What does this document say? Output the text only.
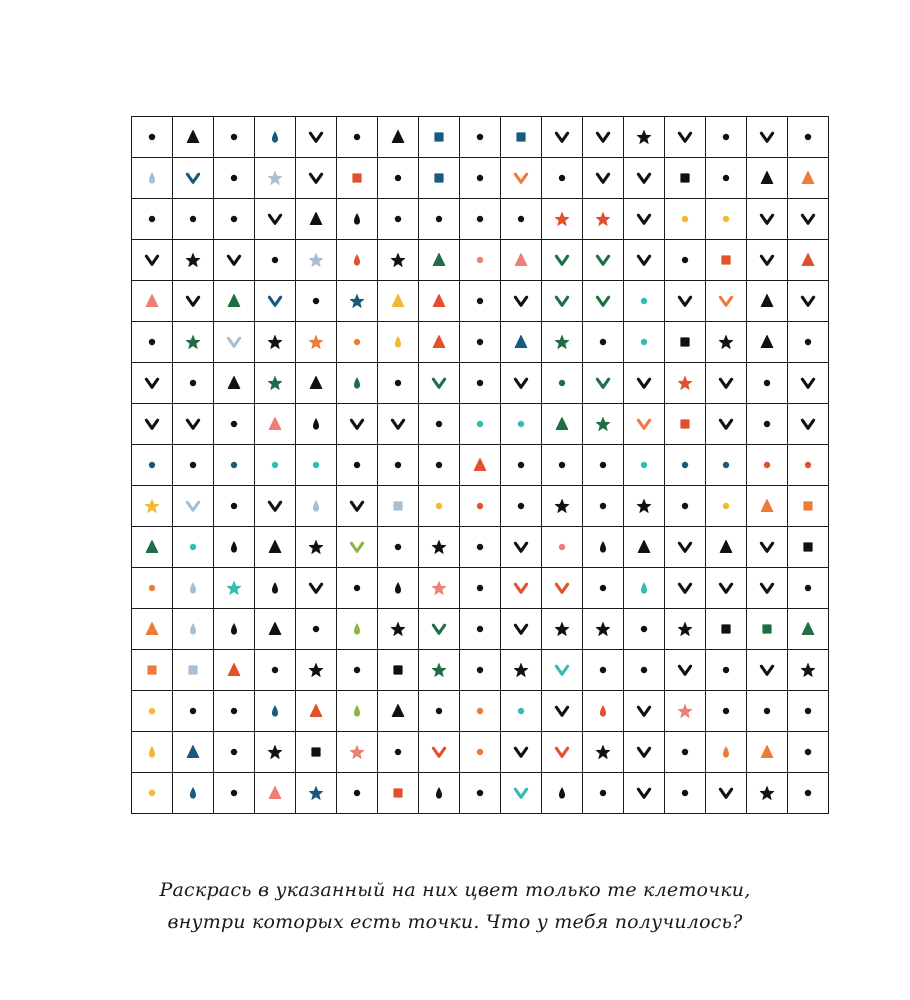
Раскрась в указанный на них цвет только те клеточки,
внутри которых есть точки. Что у тебя получилось?
